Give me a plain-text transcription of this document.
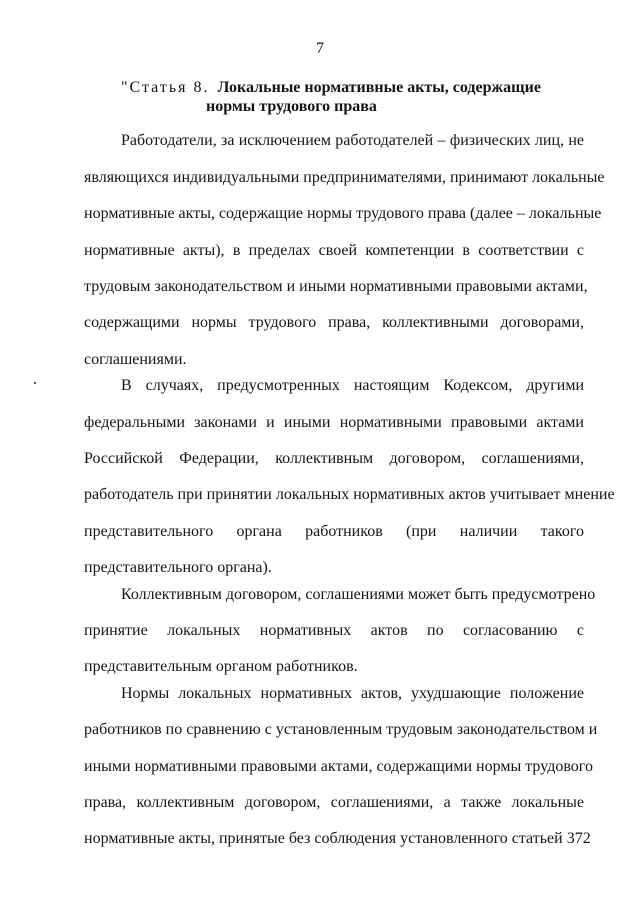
7
"Статья 8. Локальные нормативные акты, содержащие
нормы трудового права
Работодатели, за исключением работодателей – физических лиц, не
являющихся индивидуальными предпринимателями, принимают локальные
нормативные акты, содержащие нормы трудового права (далее – локальные
нормативные акты), в пределах своей компетенции в соответствии с
трудовым законодательством и иными нормативными правовыми актами,
содержащими нормы трудового права, коллективными договорами,
соглашениями.
В случаях, предусмотренных настоящим Кодексом, другими
федеральными законами и иными нормативными правовыми актами
Российской Федерации, коллективным договором, соглашениями,
работодатель при принятии локальных нормативных актов учитывает мнение
представительного органа работников (при наличии такого
представительного органа).
Коллективным договором, соглашениями может быть предусмотрено
принятие локальных нормативных актов по согласованию с
представительным органом работников.
Нормы локальных нормативных актов, ухудшающие положение
работников по сравнению с установленным трудовым законодательством и
иными нормативными правовыми актами, содержащими нормы трудового
права, коллективным договором, соглашениями, а также локальные
нормативные акты, принятые без соблюдения установленного статьей 372
